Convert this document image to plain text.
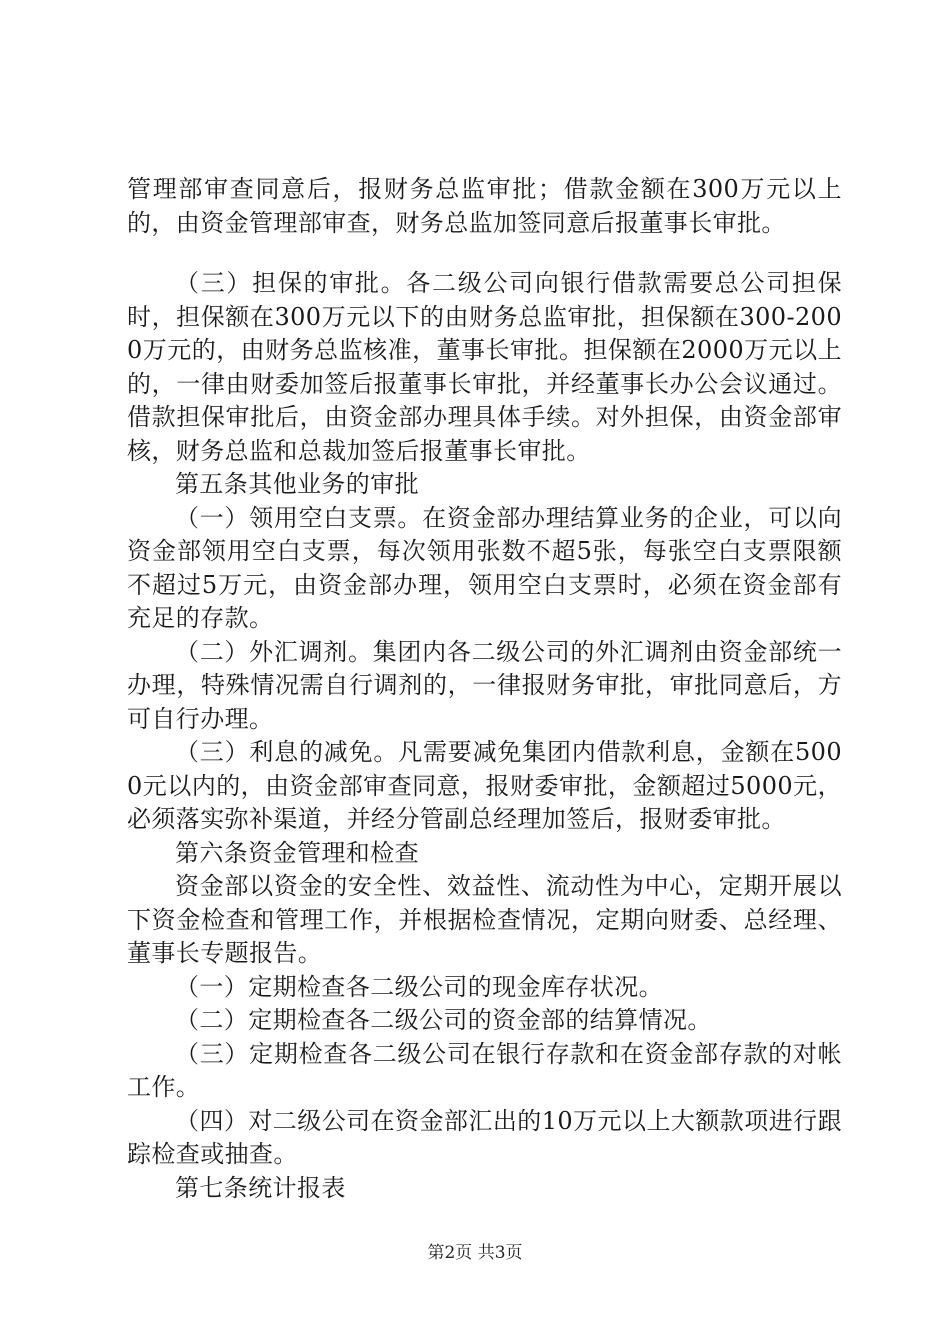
管理部审查同意后，报财务总监审批；借款金额在300万元以上的，由资金管理部审查，财务总监加签同意后报董事长审批。

（三）担保的审批。各二级公司向银行借款需要总公司担保时，担保额在300万元以下的由财务总监审批，担保额在300-2000万元的，由财务总监核准，董事长审批。担保额在2000万元以上的，一律由财委加签后报董事长审批，并经董事长办公会议通过。借款担保审批后，由资金部办理具体手续。对外担保，由资金部审核，财务总监和总裁加签后报董事长审批。

第五条其他业务的审批

（一）领用空白支票。在资金部办理结算业务的企业，可以向资金部领用空白支票，每次领用张数不超5张，每张空白支票限额不超过5万元，由资金部办理，领用空白支票时，必须在资金部有充足的存款。

（二）外汇调剂。集团内各二级公司的外汇调剂由资金部统一办理，特殊情况需自行调剂的，一律报财务审批，审批同意后，方可自行办理。

（三）利息的减免。凡需要减免集团内借款利息，金额在5000元以内的，由资金部审查同意，报财委审批，金额超过5000元，必须落实弥补渠道，并经分管副总经理加签后，报财委审批。

第六条资金管理和检查

资金部以资金的安全性、效益性、流动性为中心，定期开展以下资金检查和管理工作，并根据检查情况，定期向财委、总经理、董事长专题报告。

（一）定期检查各二级公司的现金库存状况。

（二）定期检查各二级公司的资金部的结算情况。

（三）定期检查各二级公司在银行存款和在资金部存款的对帐工作。

（四）对二级公司在资金部汇出的10万元以上大额款项进行跟踪检查或抽查。

第七条统计报表

第2页 共3页
